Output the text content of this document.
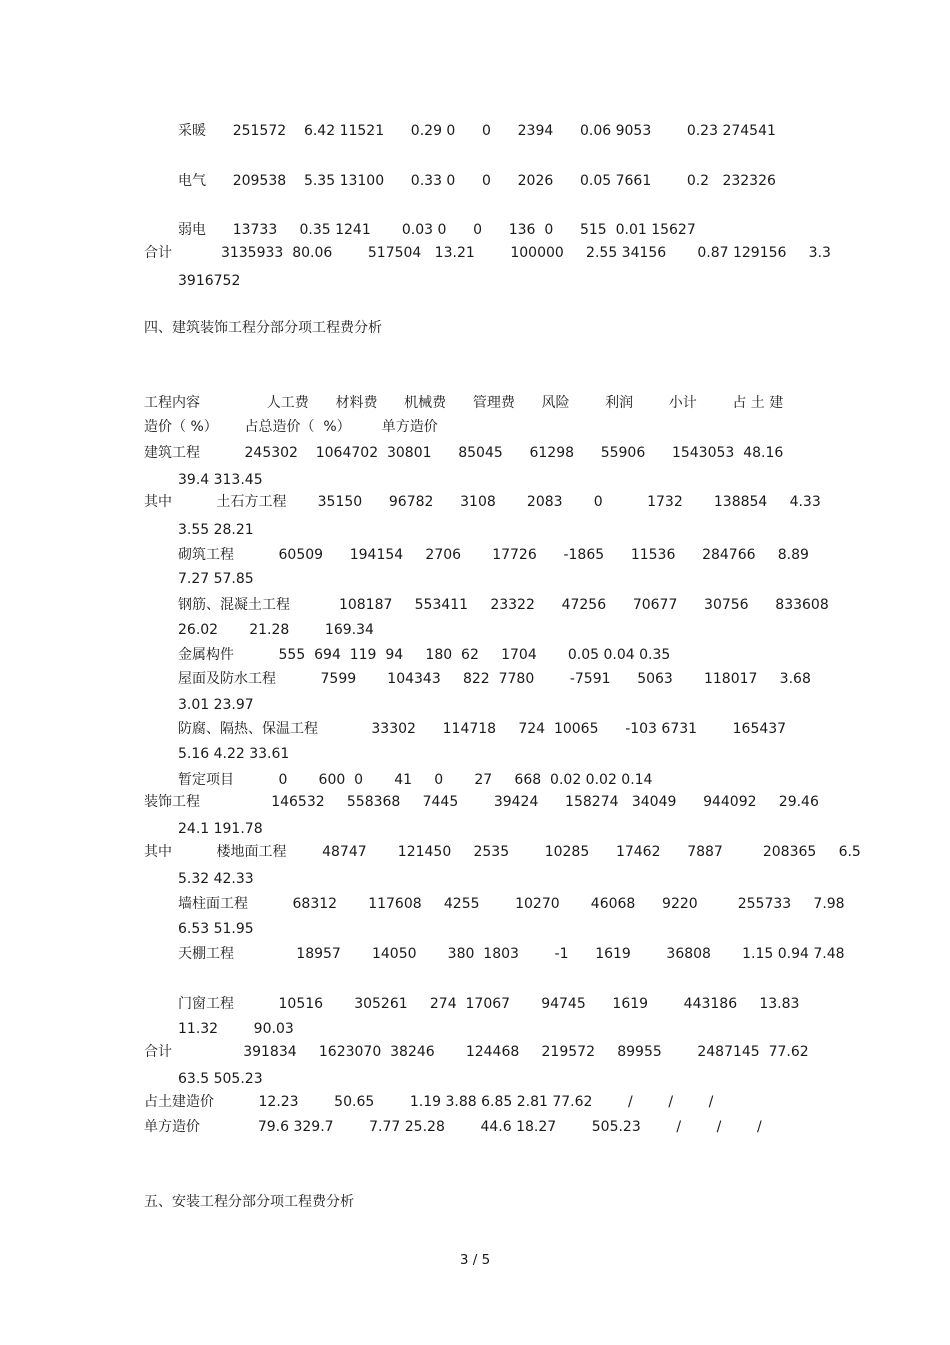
采暖      251572    6.42 11521      0.29 0      0      2394      0.06 9053        0.23 274541
电气      209538    5.35 13100      0.33 0      0      2026      0.05 7661        0.2   232326
弱电      13733     0.35 1241       0.03 0      0      136  0      515  0.01 15627
合计           3135933  80.06        517504   13.21        100000     2.55 34156       0.87 129156     3.3
3916752
四、建筑装饰工程分部分项工程费分析
工程内容               人工费      材料费      机械费      管理费      风险        利润        小计        占 土 建
造价（ %）      占总造价（  %）       单方造价
建筑工程          245302    1064702  30801      85045      61298      55906      1543053  48.16
39.4 313.45
其中          土石方工程       35150      96782      3108       2083       0          1732       138854     4.33
3.55 28.21
砌筑工程          60509      194154     2706       17726      -1865      11536      284766     8.89
7.27 57.85
钢筋、混凝土工程           108187     553411     23322      47256      70677      30756      833608
26.02       21.28        169.34
金属构件          555  694  119  94     180  62     1704       0.05 0.04 0.35
屋面及防水工程          7599       104343     822  7780        -7591      5063       118017     3.68
3.01 23.97
防腐、隔热、保温工程            33302      114718     724  10065      -103 6731        165437
5.16 4.22 33.61
暂定项目          0       600  0       41     0       27     668  0.02 0.02 0.14
装饰工程                146532     558368     7445        39424      158274   34049      944092     29.46
24.1 191.78
其中          楼地面工程        48747       121450     2535        10285      17462      7887         208365     6.5
5.32 42.33
墙柱面工程          68312       117608     4255        10270       46068      9220         255733     7.98
6.53 51.95
天棚工程              18957       14050       380  1803        -1      1619        36808       1.15 0.94 7.48
门窗工程          10516       305261     274  17067       94745      1619        443186     13.83
11.32        90.03
合计                391834     1623070  38246       124468     219572     89955        2487145  77.62
63.5 505.23
占土建造价          12.23        50.65        1.19 3.88 6.85 2.81 77.62        /        /        /
单方造价             79.6 329.7        7.77 25.28        44.6 18.27        505.23        /        /        /
五、安装工程分部分项工程费分析
3 / 5
